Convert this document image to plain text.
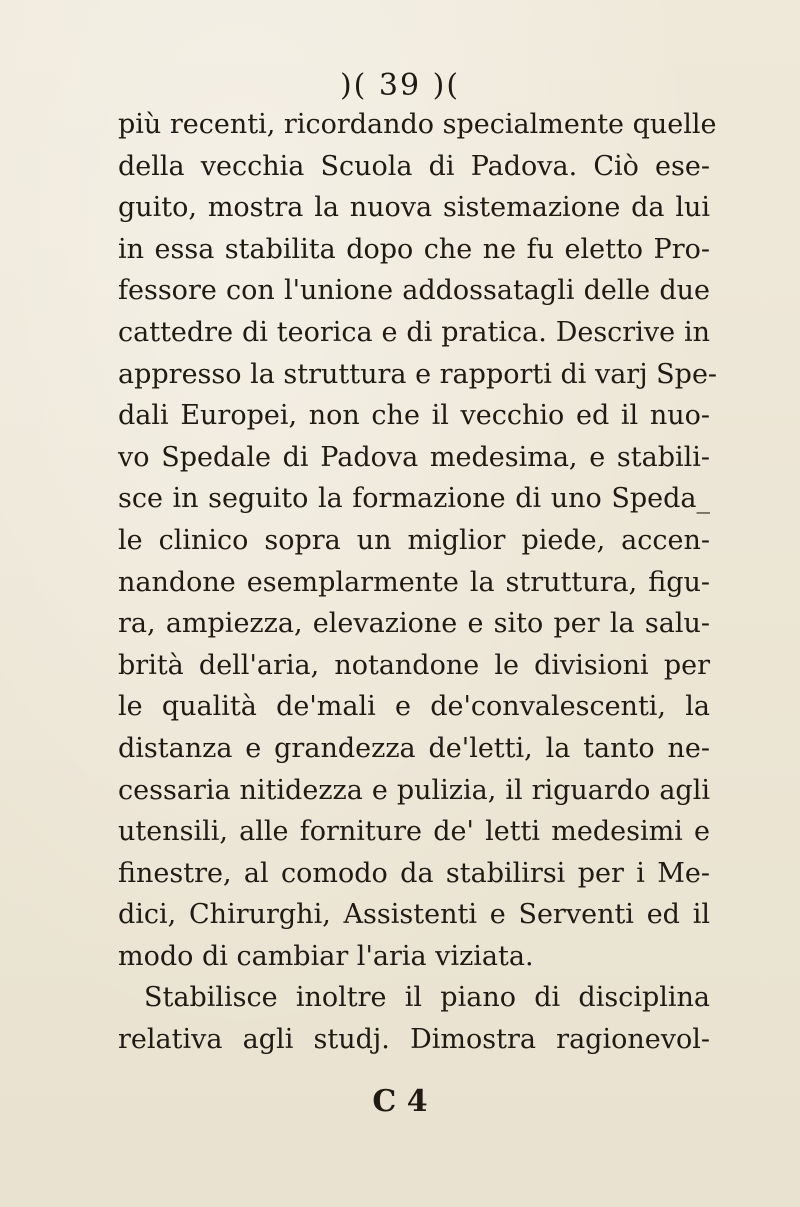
)( 39 )(
più recenti, ricordando specialmente quelle
della vecchia Scuola di Padova. Ciò ese-
guito, mostra la nuova sistemazione da lui
in essa stabilita dopo che ne fu eletto Pro-
fessore con l'unione addossatagli delle due
cattedre di teorica e di pratica. Descrive in
appresso la struttura e rapporti di varj Spe-
dali Europei, non che il vecchio ed il nuo-
vo Spedale di Padova medesima, e stabili-
sce in seguito la formazione di uno Speda_
le clinico sopra un miglior piede, accen-
nandone esemplarmente la struttura, figu-
ra, ampiezza, elevazione e sito per la salu-
brità dell'aria, notandone le divisioni per
le qualità de'mali e de'convalescenti, la
distanza e grandezza de'letti, la tanto ne-
cessaria nitidezza e pulizia, il riguardo agli
utensili, alle forniture de' letti medesimi e
finestre, al comodo da stabilirsi per i Me-
dici, Chirurghi, Assistenti e Serventi ed il
modo di cambiar l'aria viziata.
Stabilisce inoltre il piano di disciplina
relativa agli studj. Dimostra ragionevol-
C 4
